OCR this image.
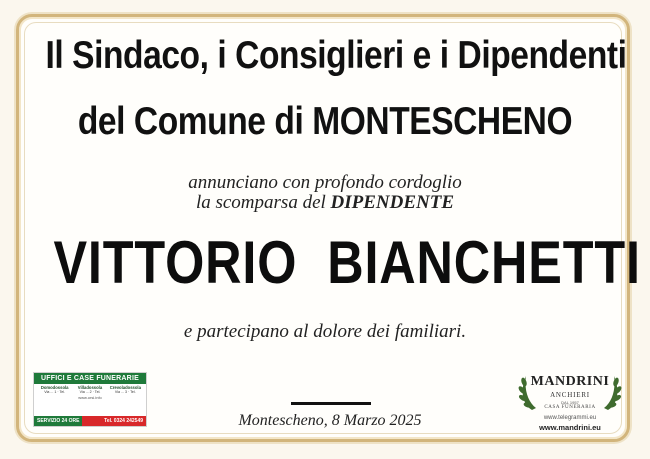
Il Sindaco, i Consiglieri e i Dipendenti
del Comune di MONTESCHENO
annunciano con profondo cordoglio
la scomparsa del DIPENDENTE
VITTORIO BIANCHETTI
e partecipano al dolore dei familiari.
Montescheno, 8 Marzo 2025
UFFICI E CASE FUNERARIE
Domodossola
Via ... 1 · Tel.
Villadossola
Via ... 2 · Tel.
Crevoladossola
Via ... 3 · Tel.
www.orsi.info
SERVIZIO 24 ORE	Tel. 0324 242549
MANDRINI
ANCHIERI
DAL 1957
CASA FUNERARIA
www.telegrammi.eu
www.mandrini.eu
